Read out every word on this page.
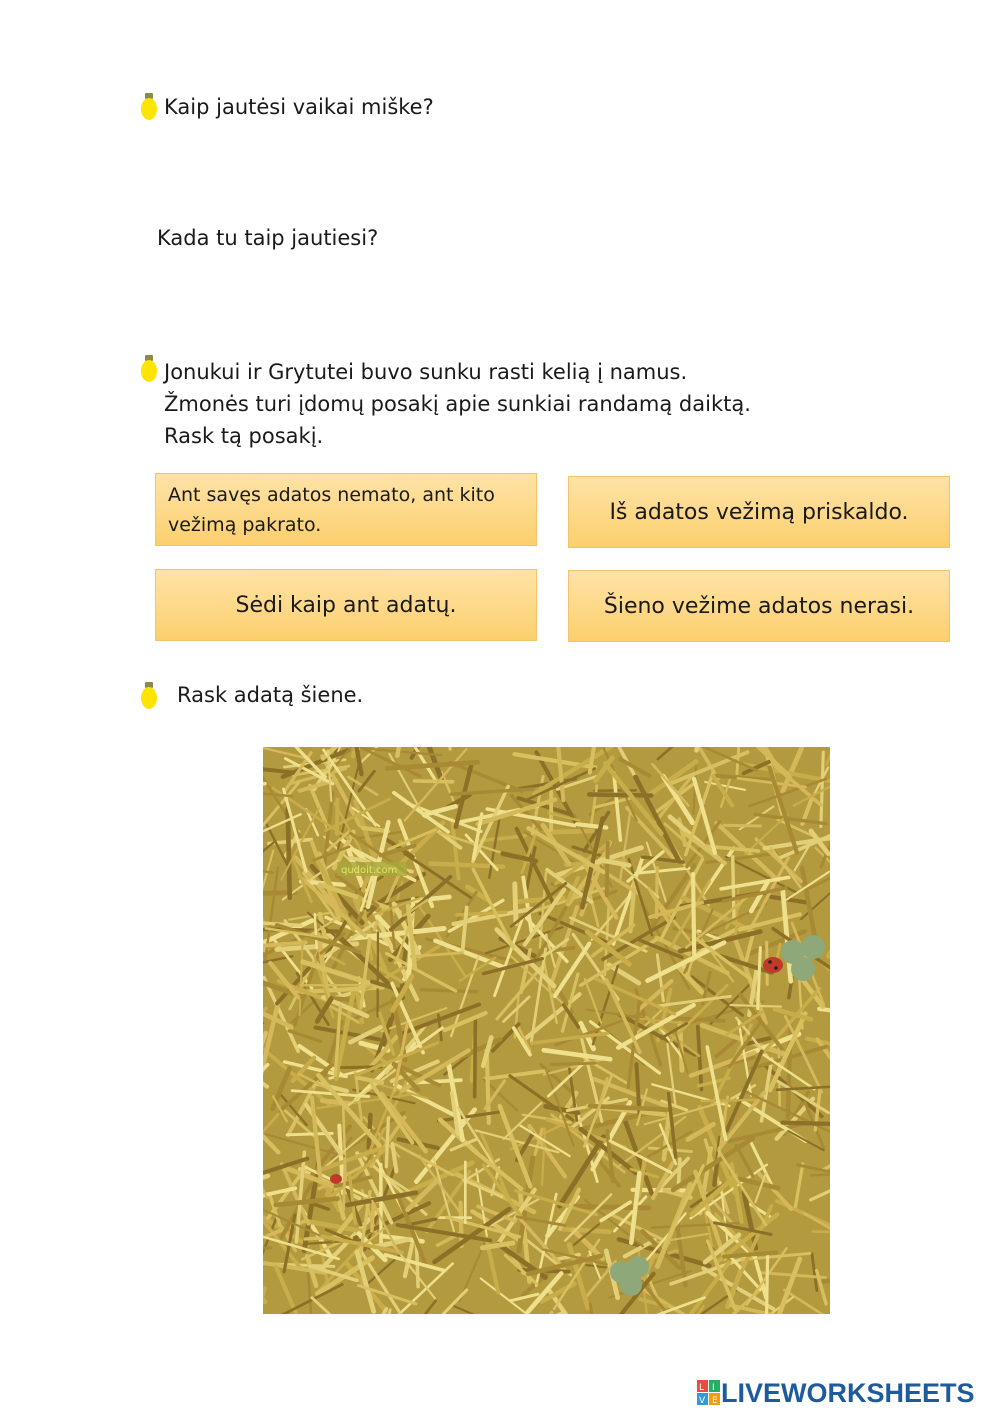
Kaip jautėsi vaikai miške?
Kada tu taip jautiesi?
Jonukui ir Grytutei buvo sunku rasti kelią į namus.
Žmonės turi įdomų posakį apie sunkiai randamą daiktą.
Rask tą posakį.
Ant savęs adatos nemato, ant kito vežimą pakrato.	Iš adatos vežimą priskaldo.
Sėdi kaip ant adatų.	Šieno vežime adatos nerasi.
Rask adatą šiene.
qudoit.com
L I
V E LIVEWORKSHEETS
